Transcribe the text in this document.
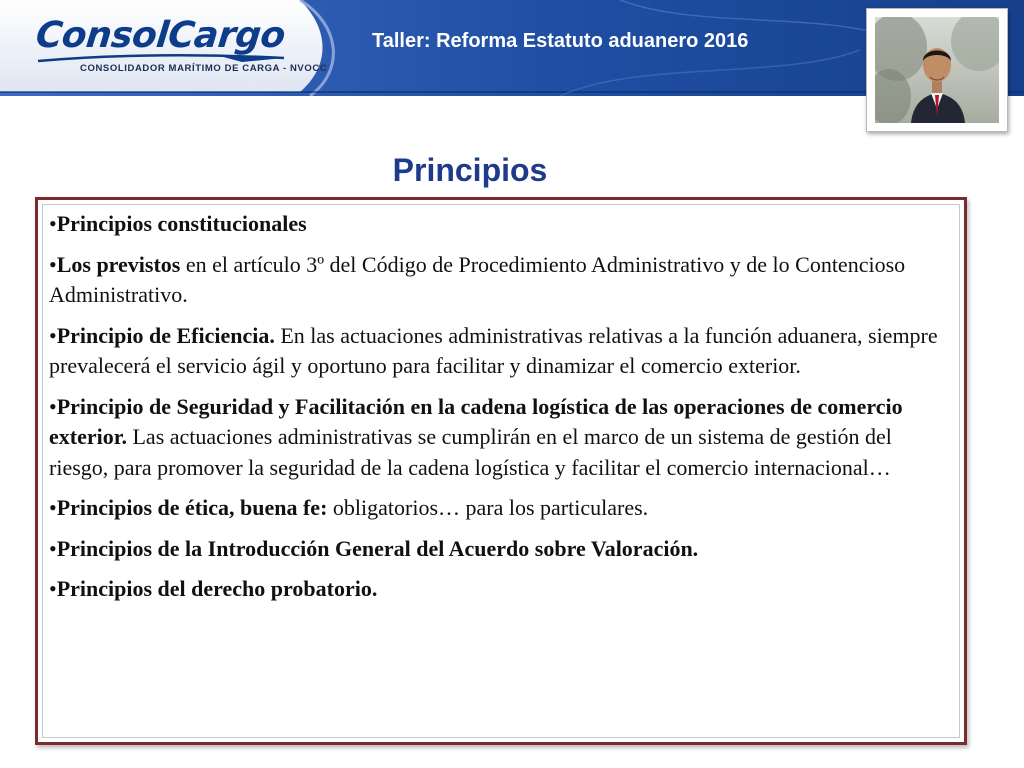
ConsolCargo
CONSOLIDADOR MARÍTIMO DE CARGA - NVOCC
Taller: Reforma Estatuto aduanero 2016
Principios

•Principios constitucionales

•Los previstos en el artículo 3º del Código de Procedimiento Administrativo y de lo Contencioso Administrativo.

•Principio de Eficiencia. En las actuaciones administrativas relativas a la función aduanera, siempre prevalecerá el servicio ágil y oportuno para facilitar y dinamizar el comercio exterior.

•Principio de Seguridad y Facilitación en la cadena logística de las operaciones de comercio exterior. Las actuaciones administrativas se cumplirán en el marco de un sistema de gestión del riesgo, para promover la seguridad de la cadena logística y facilitar el comercio internacional…

•Principios de ética, buena fe: obligatorios… para los particulares.

•Principios de la Introducción General del Acuerdo sobre Valoración.

•Principios del derecho probatorio.
